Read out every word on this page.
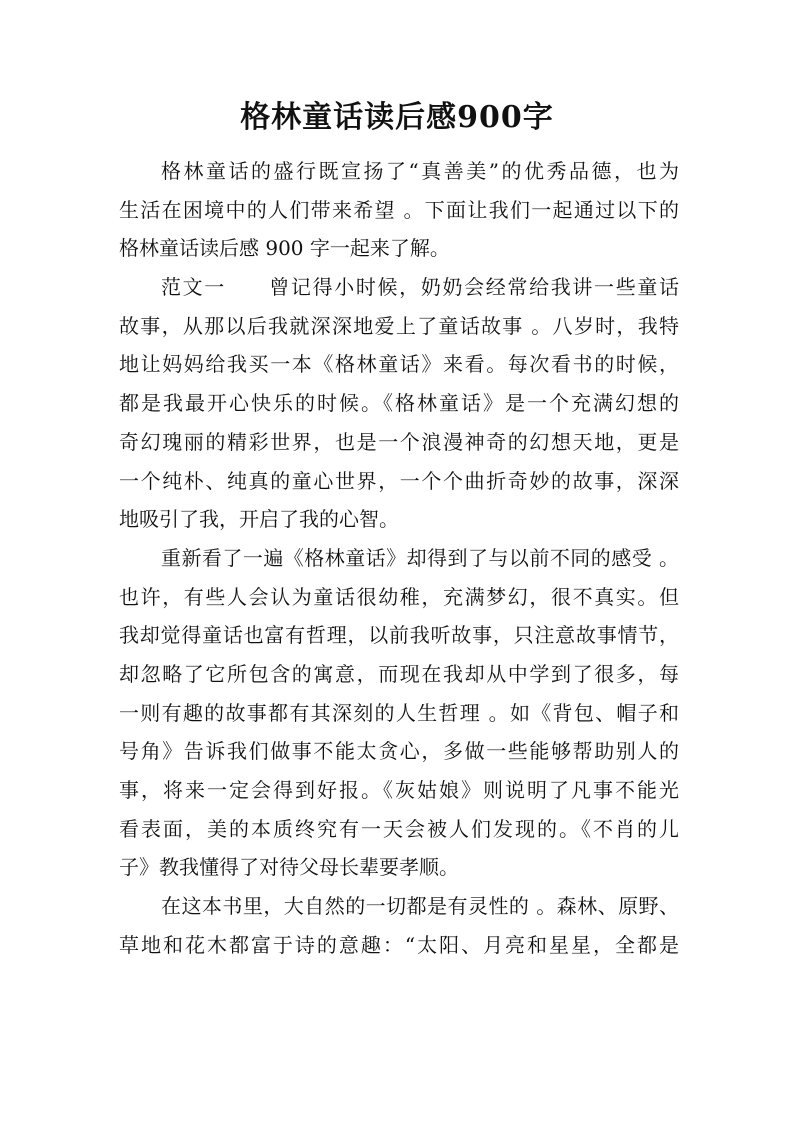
格林童话读后感900字
格林童话的盛行既宣扬了“真善美”的优秀品德，也为
生活在困境中的人们带来希望 。下面让我们一起通过以下的
格林童话读后感 900 字一起来了解。
范文一　　曾记得小时候，奶奶会经常给我讲一些童话
故事，从那以后我就深深地爱上了童话故事 。八岁时，我特
地让妈妈给我买一本《格林童话》来看。每次看书的时候，
都是我最开心快乐的时候。《格林童话》是一个充满幻想的
奇幻瑰丽的精彩世界，也是一个浪漫神奇的幻想天地，更是
一个纯朴、纯真的童心世界，一个个曲折奇妙的故事，深深
地吸引了我，开启了我的心智。
重新看了一遍《格林童话》却得到了与以前不同的感受 。
也许，有些人会认为童话很幼稚，充满梦幻，很不真实。但
我却觉得童话也富有哲理，以前我听故事，只注意故事情节，
却忽略了它所包含的寓意，而现在我却从中学到了很多，每
一则有趣的故事都有其深刻的人生哲理 。如《背包、帽子和
号角》告诉我们做事不能太贪心，多做一些能够帮助别人的
事，将来一定会得到好报。《灰姑娘》则说明了凡事不能光
看表面，美的本质终究有一天会被人们发现的。《不肖的儿
子》教我懂得了对待父母长辈要孝顺。
在这本书里，大自然的一切都是有灵性的 。森林、原野、
草地和花木都富于诗的意趣：“太阳、月亮和星星，全都是
